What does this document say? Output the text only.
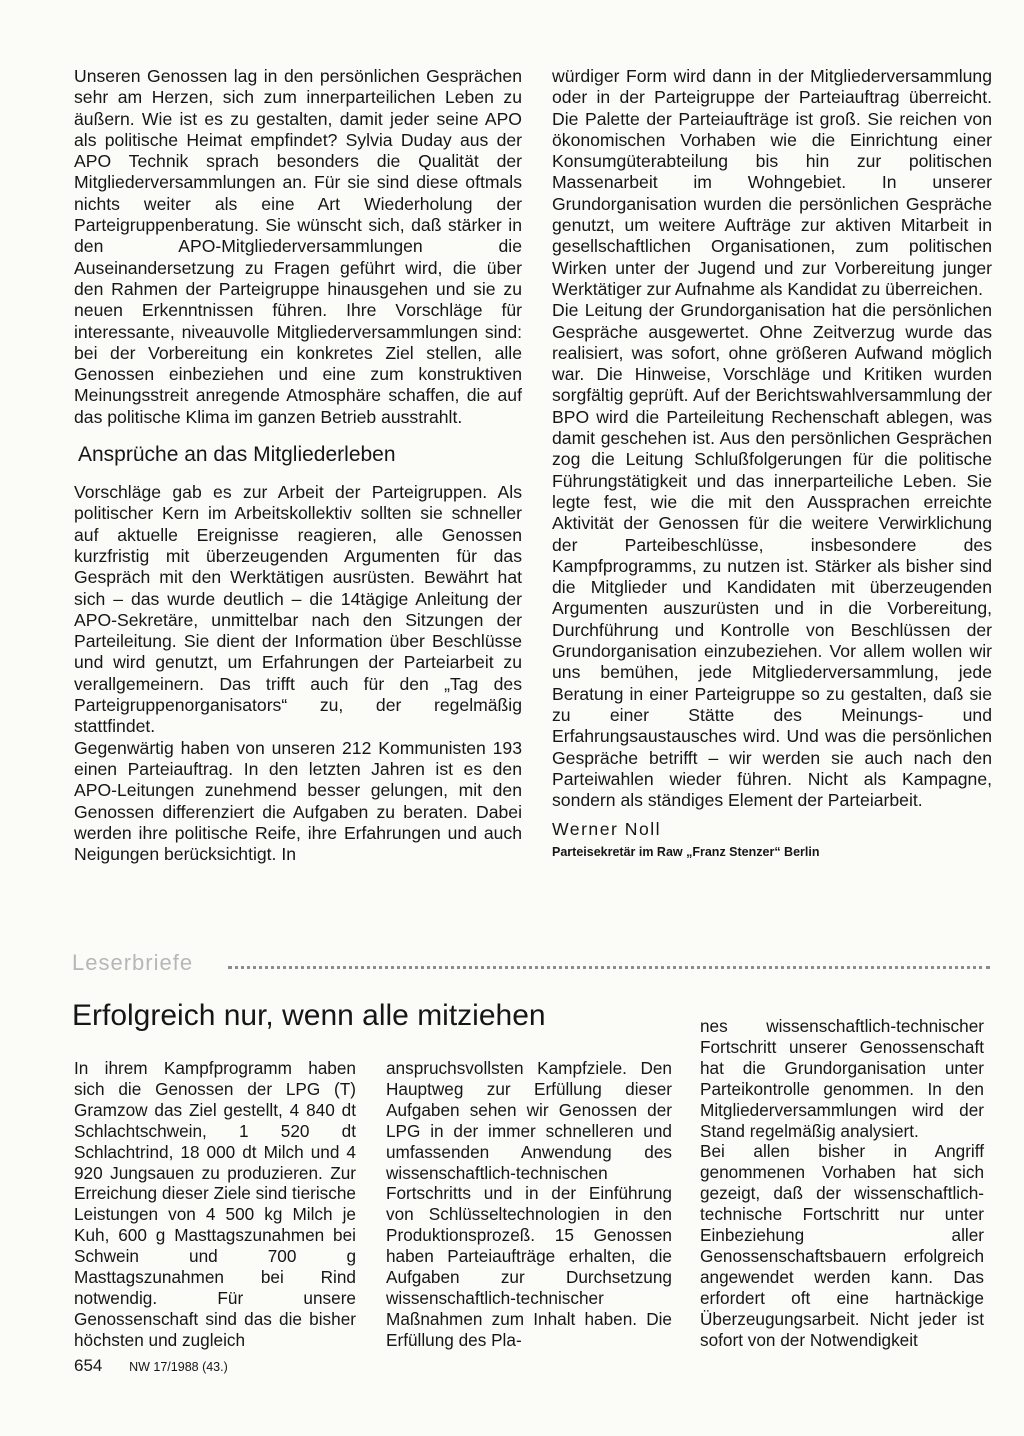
Unseren Genossen lag in den persönlichen Gesprächen sehr am Herzen, sich zum innerparteilichen Leben zu äußern. Wie ist es zu gestalten, damit jeder seine APO als politische Heimat empfindet? Sylvia Duday aus der APO Technik sprach besonders die Qualität der Mitgliederversammlungen an. Für sie sind diese oftmals nichts weiter als eine Art Wiederholung der Parteigruppenberatung. Sie wünscht sich, daß stärker in den APO-Mitgliederversammlungen die Auseinandersetzung zu Fragen geführt wird, die über den Rahmen der Parteigruppe hinausgehen und sie zu neuen Erkenntnissen führen. Ihre Vorschläge für interessante, niveauvolle Mitgliederversammlungen sind: bei der Vorbereitung ein konkretes Ziel stellen, alle Genossen einbeziehen und eine zum konstruktiven Meinungsstreit anregende Atmosphäre schaffen, die auf das politische Klima im ganzen Betrieb ausstrahlt.

Ansprüche an das Mitgliederleben

Vorschläge gab es zur Arbeit der Parteigruppen. Als politischer Kern im Arbeitskollektiv sollten sie schneller auf aktuelle Ereignisse reagieren, alle Genossen kurzfristig mit überzeugenden Argumenten für das Gespräch mit den Werktätigen ausrüsten. Bewährt hat sich – das wurde deutlich – die 14tägige Anleitung der APO-Sekretäre, unmittelbar nach den Sitzungen der Parteileitung. Sie dient der Information über Beschlüsse und wird genutzt, um Erfahrungen der Parteiarbeit zu verallgemeinern. Das trifft auch für den „Tag des Parteigruppenorganisators“ zu, der regelmäßig stattfindet.

Gegenwärtig haben von unseren 212 Kommunisten 193 einen Parteiauftrag. In den letzten Jahren ist es den APO-Leitungen zunehmend besser gelungen, mit den Genossen differenziert die Aufgaben zu beraten. Dabei werden ihre politische Reife, ihre Erfahrungen und auch Neigungen berücksichtigt. In

würdiger Form wird dann in der Mitgliederversammlung oder in der Parteigruppe der Parteiauftrag überreicht. Die Palette der Parteiaufträge ist groß. Sie reichen von ökonomischen Vorhaben wie die Einrichtung einer Konsumgüterabteilung bis hin zur politischen Massenarbeit im Wohngebiet. In unserer Grundorganisation wurden die persönlichen Gespräche genutzt, um weitere Aufträge zur aktiven Mitarbeit in gesellschaftlichen Organisationen, zum politischen Wirken unter der Jugend und zur Vorbereitung junger Werktätiger zur Aufnahme als Kandidat zu überreichen.

Die Leitung der Grundorganisation hat die persönlichen Gespräche ausgewertet. Ohne Zeitverzug wurde das realisiert, was sofort, ohne größeren Aufwand möglich war. Die Hinweise, Vorschläge und Kritiken wurden sorgfältig geprüft. Auf der Berichtswahlversammlung der BPO wird die Parteileitung Rechenschaft ablegen, was damit geschehen ist. Aus den persönlichen Gesprächen zog die Leitung Schlußfolgerungen für die politische Führungstätigkeit und das innerparteiliche Leben. Sie legte fest, wie die mit den Aussprachen erreichte Aktivität der Genossen für die weitere Verwirklichung der Parteibeschlüsse, insbesondere des Kampfprogramms, zu nutzen ist. Stärker als bisher sind die Mitglieder und Kandidaten mit überzeugenden Argumenten auszurüsten und in die Vorbereitung, Durchführung und Kontrolle von Beschlüssen der Grundorganisation einzubeziehen. Vor allem wollen wir uns bemühen, jede Mitgliederversammlung, jede Beratung in einer Parteigruppe so zu gestalten, daß sie zu einer Stätte des Meinungs- und Erfahrungsaustausches wird. Und was die persönlichen Gespräche betrifft – wir werden sie auch nach den Parteiwahlen wieder führen. Nicht als Kampagne, sondern als ständiges Element der Parteiarbeit.

Werner Noll

Parteisekretär im Raw „Franz Stenzer“ Berlin

Leserbriefe
Erfolgreich nur, wenn alle mitziehen

In ihrem Kampfprogramm haben sich die Genossen der LPG (T) Gramzow das Ziel gestellt, 4 840 dt Schlachtschwein, 1 520 dt Schlachtrind, 18 000 dt Milch und 4 920 Jungsauen zu produzieren. Zur Erreichung dieser Ziele sind tierische Leistungen von 4 500 kg Milch je Kuh, 600 g Masttagszunahmen bei Schwein und 700 g Masttagszunahmen bei Rind notwendig. Für unsere Genossenschaft sind das die bisher höchsten und zugleich

anspruchsvollsten Kampfziele. Den Hauptweg zur Erfüllung dieser Aufgaben sehen wir Genossen der LPG in der immer schnelleren und umfassenden Anwendung des wissenschaftlich-technischen Fortschritts und in der Einführung von Schlüsseltechnologien in den Produktionsprozeß. 15 Genossen haben Parteiaufträge erhalten, die Aufgaben zur Durchsetzung wissenschaftlich-technischer Maßnahmen zum Inhalt haben. Die Erfüllung des Pla-

nes wissenschaftlich-technischer Fortschritt unserer Genossenschaft hat die Grundorganisation unter Parteikontrolle genommen. In den Mitgliederversammlungen wird der Stand regelmäßig analysiert.

Bei allen bisher in Angriff genommenen Vorhaben hat sich gezeigt, daß der wissenschaftlich-technische Fortschritt nur unter Einbeziehung aller Genossenschaftsbauern erfolgreich angewendet werden kann. Das erfordert oft eine hartnäckige Überzeugungsarbeit. Nicht jeder ist sofort von der Notwendigkeit

654 NW 17/1988 (43.)
